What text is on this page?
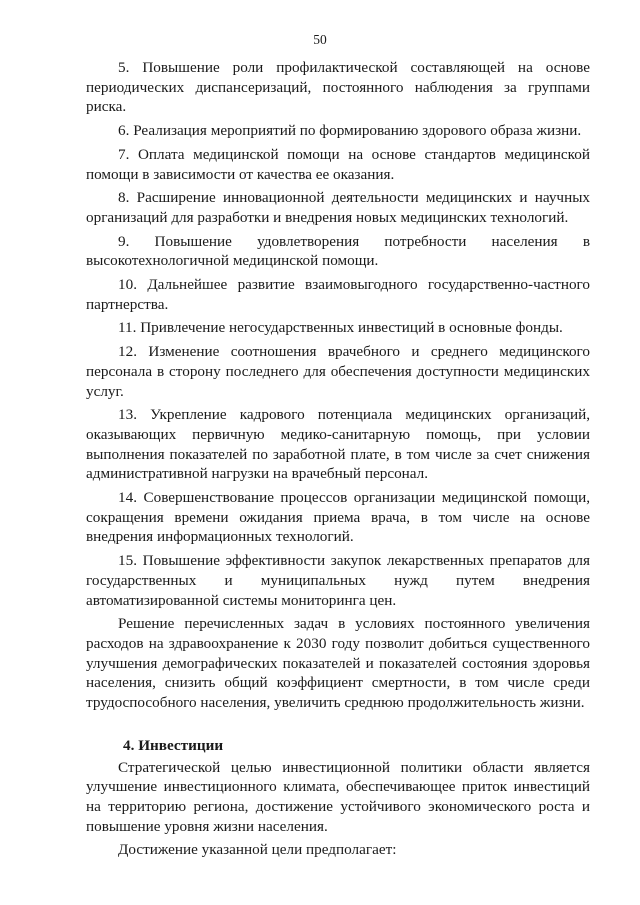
50

5. Повышение роли профилактической составляющей на основе периодических диспансеризаций, постоянного наблюдения за группами риска.

6. Реализация мероприятий по формированию здорового образа жизни.

7. Оплата медицинской помощи на основе стандартов медицинской помощи в зависимости от качества ее оказания.

8. Расширение инновационной деятельности медицинских и научных организаций для разработки и внедрения новых медицинских технологий.

9. Повышение удовлетворения потребности населения в высокотехнологичной медицинской помощи.

10. Дальнейшее развитие взаимовыгодного государственно-частного партнерства.

11. Привлечение негосударственных инвестиций в основные фонды.

12. Изменение соотношения врачебного и среднего медицинского персонала в сторону последнего для обеспечения доступности медицинских услуг.

13. Укрепление кадрового потенциала медицинских организаций, оказывающих первичную медико-санитарную помощь, при условии выполнения показателей по заработной плате, в том числе за счет снижения административной нагрузки на врачебный персонал.

14. Совершенствование процессов организации медицинской помощи, сокращения времени ожидания приема врача, в том числе на основе внедрения информационных технологий.

15. Повышение эффективности закупок лекарственных препаратов для государственных и муниципальных нужд путем внедрения автоматизированной системы мониторинга цен.

Решение перечисленных задач в условиях постоянного увеличения расходов на здравоохранение к 2030 году позволит добиться существенного улучшения демографических показателей и показателей состояния здоровья населения, снизить общий коэффициент смертности, в том числе среди трудоспособного населения, увеличить среднюю продолжительность жизни.

4. Инвестиции

Стратегической целью инвестиционной политики области является улучшение инвестиционного климата, обеспечивающее приток инвестиций на территорию региона, достижение устойчивого экономического роста и повышение уровня жизни населения.

Достижение указанной цели предполагает:
